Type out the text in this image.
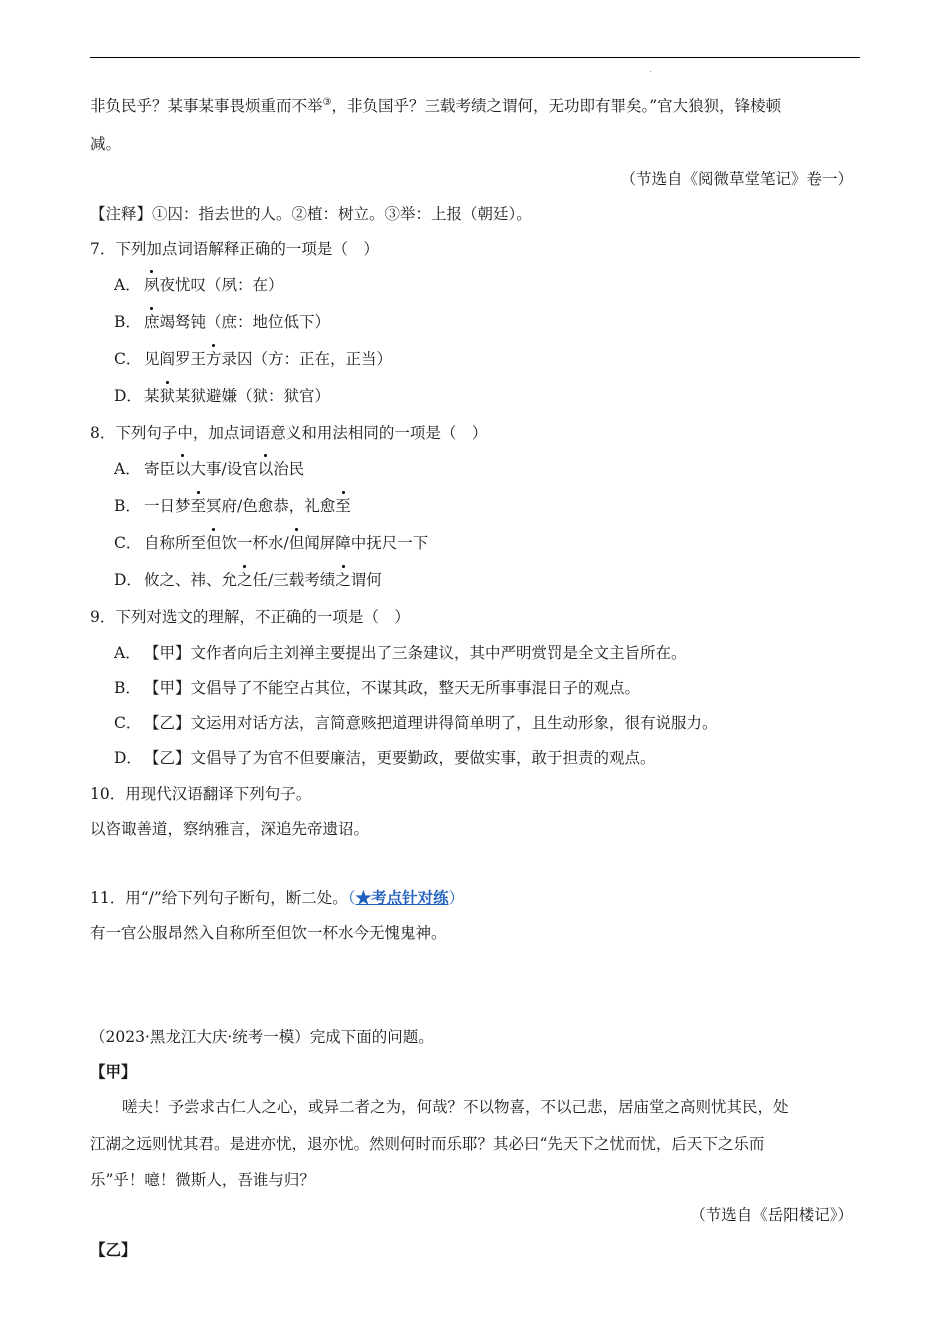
非负民乎？某事某事畏烦重而不举③，非负国乎？三载考绩之谓何，无功即有罪矣。”官大狼狈，锋棱顿
减。
（节选自《阅微草堂笔记》卷一）
【注释】①囚：指去世的人。②植：树立。③举：上报（朝廷）。
7．下列加点词语解释正确的一项是（　）
A． 夙夜忧叹（夙：在）
B． 庶竭驽钝（庶：地位低下）
C． 见阎罗王方录囚（方：正在，正当）
D． 某狱某狱避嫌（狱：狱官）
8．下列句子中，加点词语意义和用法相同的一项是（　）
A． 寄臣以大事/设官以治民
B． 一日梦至冥府/色愈恭，礼愈至
C． 自称所至但饮一杯水/但闻屏障中抚尺一下
D． 攸之、祎、允之任/三载考绩之谓何
9．下列对选文的理解，不正确的一项是（　）
A． 【甲】文作者向后主刘禅主要提出了三条建议，其中严明赏罚是全文主旨所在。
B． 【甲】文倡导了不能空占其位，不谋其政，整天无所事事混日子的观点。
C． 【乙】文运用对话方法，言简意赅把道理讲得简单明了，且生动形象，很有说服力。
D． 【乙】文倡导了为官不但要廉洁，更要勤政，要做实事，敢于担责的观点。
10．用现代汉语翻译下列句子。
以咨诹善道，察纳雅言，深追先帝遗诏。
11．用“/”给下列句子断句，断二处。（★考点针对练）
有一官公服昂然入自称所至但饮一杯水今无愧鬼神。
（2023·黑龙江大庆·统考一模）完成下面的问题。
【甲】
嗟夫！予尝求古仁人之心，或异二者之为，何哉？不以物喜，不以己悲，居庙堂之高则忧其民，处
江湖之远则忧其君。是进亦忧，退亦忧。然则何时而乐耶？其必曰“先天下之忧而忧，后天下之乐而
乐”乎！噫！微斯人，吾谁与归？
（节选自《岳阳楼记》）
【乙】
